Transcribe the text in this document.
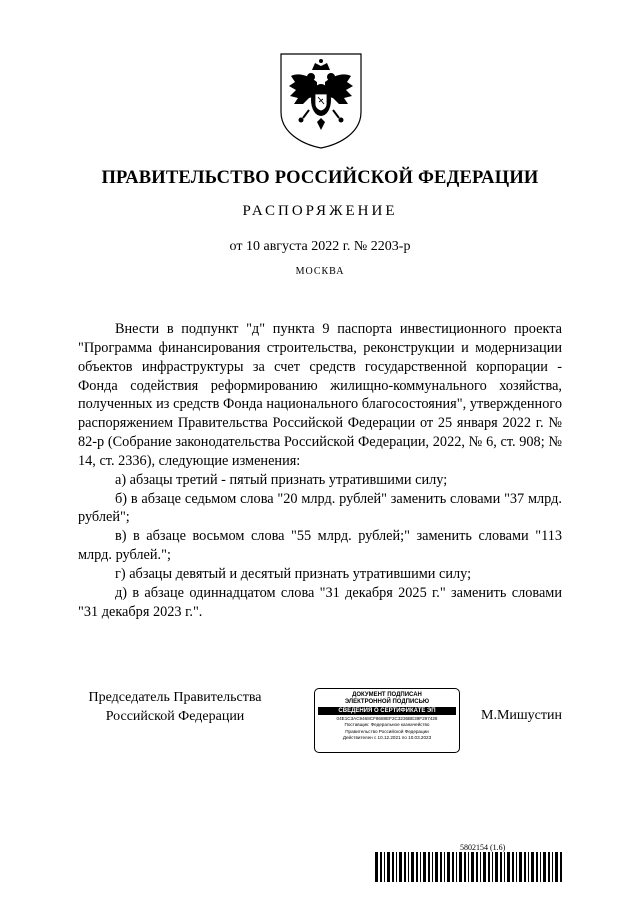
ПРАВИТЕЛЬСТВО РОССИЙСКОЙ ФЕДЕРАЦИИ
РАСПОРЯЖЕНИЕ
от 10 августа 2022 г. № 2203-р
МОСКВА

Внести в подпункт "д" пункта 9 паспорта инвестиционного проекта "Программа финансирования строительства, реконструкции и модернизации объектов инфраструктуры за счет средств государственной корпорации - Фонда содействия реформированию жилищно-коммунального хозяйства, полученных из средств Фонда национального благосостояния", утвержденного распоряжением Правительства Российской Федерации от 25 января 2022 г. № 82-р (Собрание законодательства Российской Федерации, 2022, № 6, ст. 908; № 14, ст. 2336), следующие изменения:

а) абзацы третий - пятый признать утратившими силу;

б) в абзаце седьмом слова "20 млрд. рублей" заменить словами "37 млрд. рублей";

в) в абзаце восьмом слова "55 млрд. рублей;" заменить словами "113 млрд. рублей.";

г) абзацы девятый и десятый признать утратившими силу;

д) в абзаце одиннадцатом слова "31 декабря 2025 г." заменить словами "31 декабря 2023 г.".

Председатель Правительства
Российской Федерации
ДОКУМЕНТ ПОДПИСАН
ЭЛЕКТРОННОЙ ПОДПИСЬЮ
СВЕДЕНИЯ О СЕРТИФИКАТЕ ЭП
04E1C3AC9468CF8688EF2C3236BE39F297428
Поставщик: Федеральное казначейство
Правительство Российской Федерации
Действителен с 10.12.2021 по 10.03.2023
М.Мишустин
5802154 (1.6)
